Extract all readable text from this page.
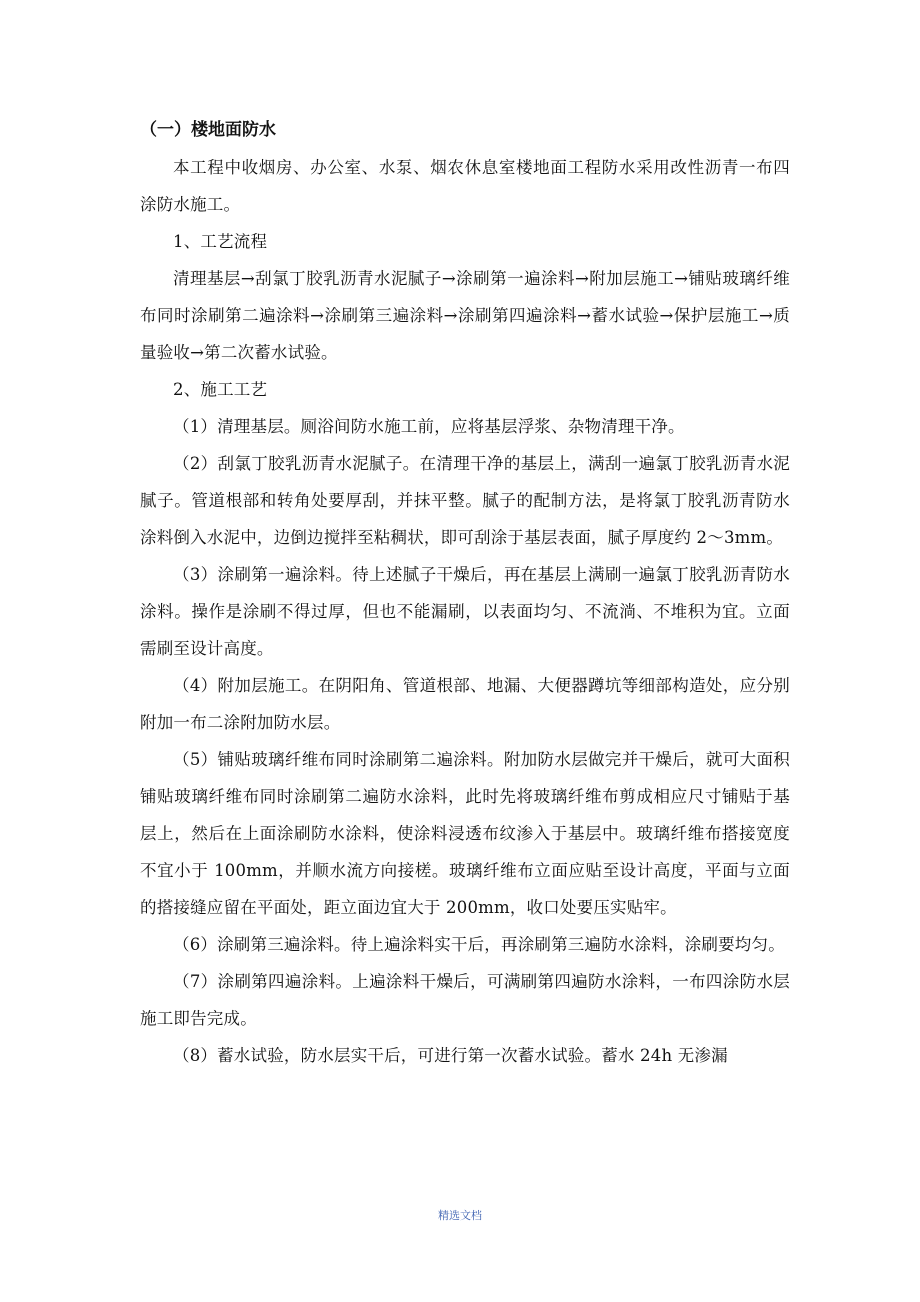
（一）楼地面防水

本工程中收烟房、办公室、水泵、烟农休息室楼地面工程防水采用改性沥青一布四涂防水施工。

1、工艺流程

清理基层→刮氯丁胶乳沥青水泥腻子→涂刷第一遍涂料→附加层施工→铺贴玻璃纤维布同时涂刷第二遍涂料→涂刷第三遍涂料→涂刷第四遍涂料→蓄水试验→保护层施工→质量验收→第二次蓄水试验。

2、施工工艺

（1）清理基层。厕浴间防水施工前，应将基层浮浆、杂物清理干净。

（2）刮氯丁胶乳沥青水泥腻子。在清理干净的基层上，满刮一遍氯丁胶乳沥青水泥腻子。管道根部和转角处要厚刮，并抹平整。腻子的配制方法，是将氯丁胶乳沥青防水涂料倒入水泥中，边倒边搅拌至粘稠状，即可刮涂于基层表面，腻子厚度约 2～3mm。

（3）涂刷第一遍涂料。待上述腻子干燥后，再在基层上满刷一遍氯丁胶乳沥青防水涂料。操作是涂刷不得过厚，但也不能漏刷，以表面均匀、不流淌、不堆积为宜。立面需刷至设计高度。

（4）附加层施工。在阴阳角、管道根部、地漏、大便器蹲坑等细部构造处，应分别附加一布二涂附加防水层。

（5）铺贴玻璃纤维布同时涂刷第二遍涂料。附加防水层做完并干燥后，就可大面积铺贴玻璃纤维布同时涂刷第二遍防水涂料，此时先将玻璃纤维布剪成相应尺寸铺贴于基层上，然后在上面涂刷防水涂料，使涂料浸透布纹渗入于基层中。玻璃纤维布搭接宽度不宜小于 100mm，并顺水流方向接槎。玻璃纤维布立面应贴至设计高度，平面与立面的搭接缝应留在平面处，距立面边宜大于 200mm，收口处要压实贴牢。

（6）涂刷第三遍涂料。待上遍涂料实干后，再涂刷第三遍防水涂料，涂刷要均匀。

（7）涂刷第四遍涂料。上遍涂料干燥后，可满刷第四遍防水涂料，一布四涂防水层施工即告完成。

（8）蓄水试验，防水层实干后，可进行第一次蓄水试验。蓄水 24h 无渗漏

精选文档
